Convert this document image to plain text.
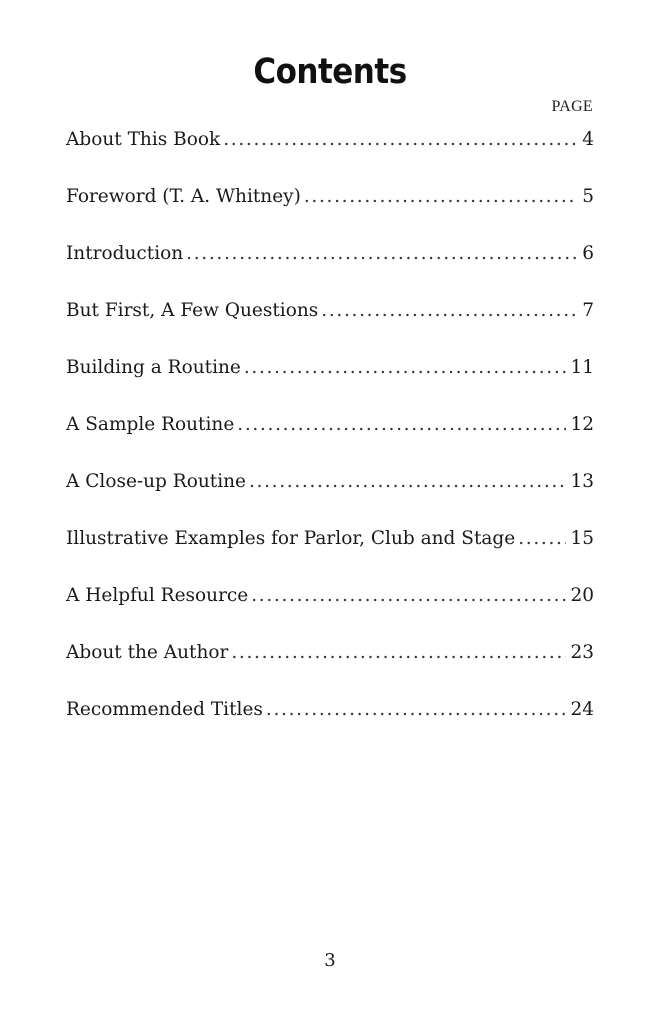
Contents
PAGE
About This Book . . .	4
Foreword (T. A. Whitney) . . .	5
Introduction . . .	6
But First, A Few Questions . . .	7
Building a Routine . . .	11
A Sample Routine . . .	12
A Close-up Routine . . .	13
Illustrative Examples for Parlor, Club and Stage . . .	15
A Helpful Resource . . .	20
About the Author . . .	23
Recommended Titles . . .	24
3
